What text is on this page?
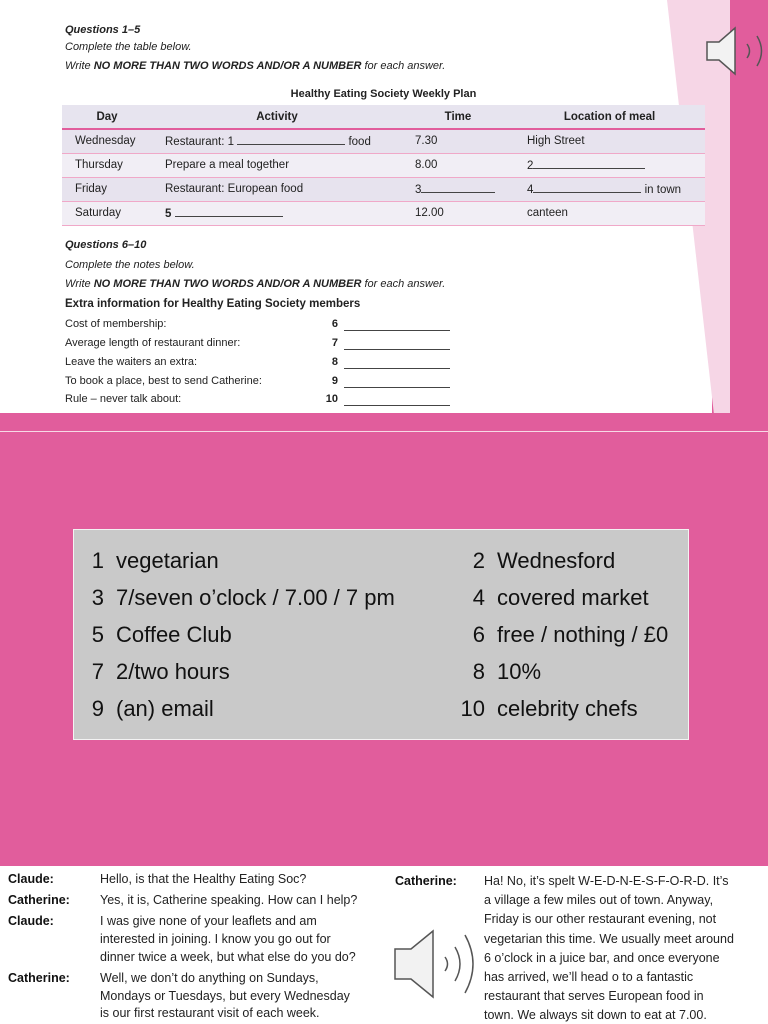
Questions 1–5
Complete the table below.
Write NO MORE THAN TWO WORDS AND/OR A NUMBER for each answer.
Healthy Eating Society Weekly Plan
Day	Activity	Time	Location of meal
Wednesday	Restaurant: 1 food	7.30	High Street
Thursday	Prepare a meal together	8.00	2
Friday	Restaurant: European food	3	4 in town
Saturday	5	12.00	canteen
Questions 6–10
Complete the notes below.
Write NO MORE THAN TWO WORDS AND/OR A NUMBER for each answer.
Extra information for Healthy Eating Society members
Cost of membership:	6
Average length of restaurant dinner:	7
Leave the waiters an extra:	8
To book a place, best to send Catherine:	9
Rule – never talk about:	10
1 vegetarian	2 Wednesford
3 7/seven o’clock / 7.00 / 7 pm	4 covered market
5 Coffee Club	6 free / nothing / £0
7 2/two hours	8 10%
9 (an) email	10 celebrity chefs
Claude:	Hello, is that the Healthy Eating Soc?
Catherine: Yes, it is, Catherine speaking. How can I help?
Claude:	I was give none of your leaflets and am
interested in joining. I know you go out for
dinner twice a week, but what else do you do?
Catherine: Well, we don’t do anything on Sundays,
Mondays or Tuesdays, but every Wednesday
is our first restaurant visit of each week.
Catherine: Ha! No, it’s spelt W-E-D-N-E-S-F-O-R-D. It’s
a village a few miles out of town. Anyway,
Friday is our other restaurant evening, not
vegetarian this time. We usually meet around
6 o’clock in a juice bar, and once everyone
has arrived, we’ll head o to a fantastic
restaurant that serves European food in
town. We always sit down to eat at 7.00.
